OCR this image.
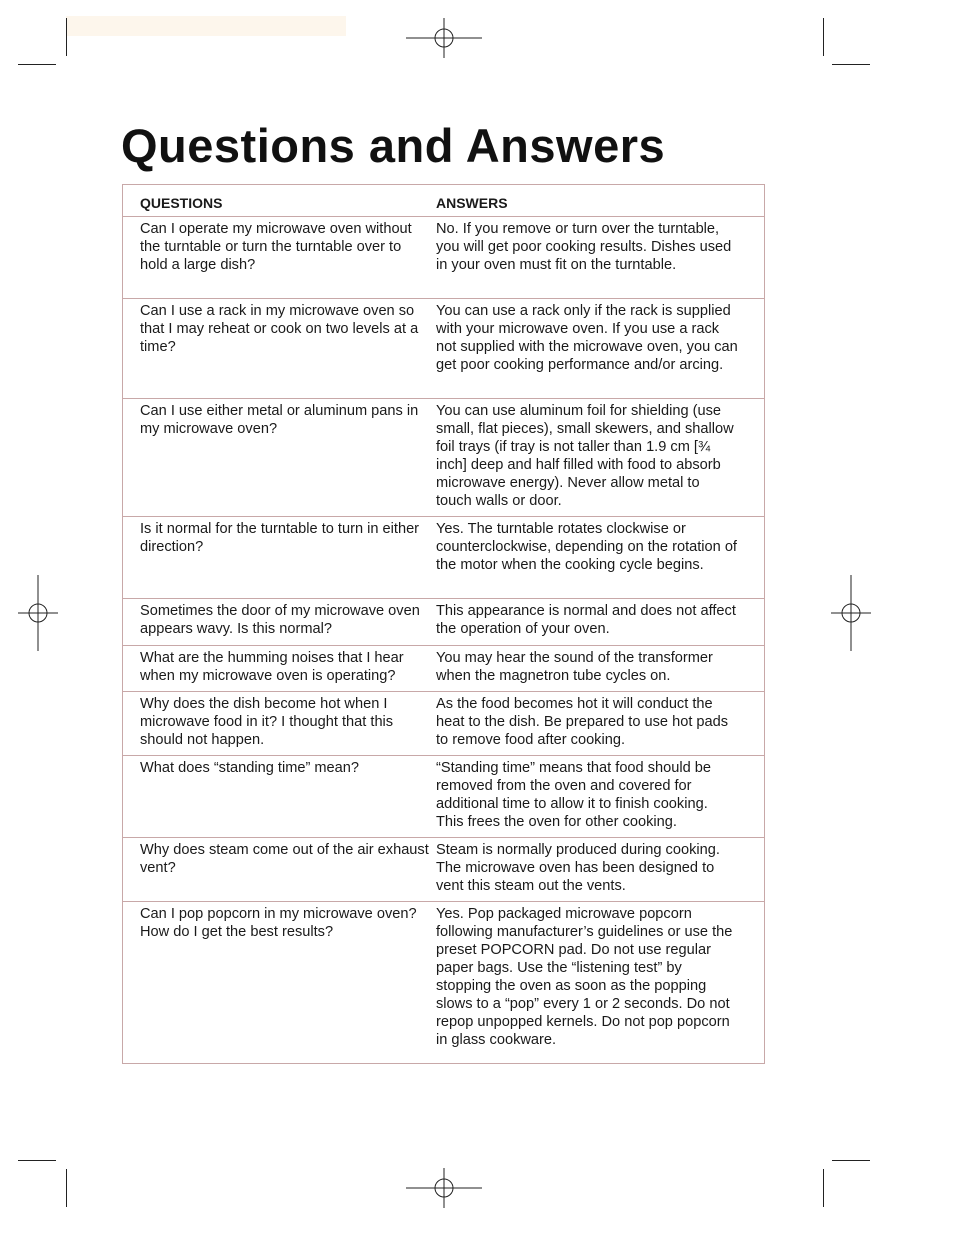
Questions and Answers
QUESTIONS	ANSWERS
Can I operate my microwave oven without the turntable or turn the turntable over to hold a large dish?
No. If you remove or turn over the turntable, you will get poor cooking results. Dishes used in your oven must fit on the turntable.
Can I use a rack in my microwave oven so that I may reheat or cook on two levels at a time?
You can use a rack only if the rack is supplied with your microwave oven. If you use a rack not supplied with the microwave oven, you can get poor cooking performance and/or arcing.
Can I use either metal or aluminum pans in my microwave oven?
You can use aluminum foil for shielding (use small, flat pieces), small skewers, and shallow foil trays (if tray is not taller than 1.9 cm [¾ inch] deep and half filled with food to absorb microwave energy). Never allow metal to touch walls or door.
Is it normal for the turntable to turn in either direction?
Yes. The turntable rotates clockwise or counterclockwise, depending on the rotation of the motor when the cooking cycle begins.
Sometimes the door of my microwave oven appears wavy. Is this normal?
This appearance is normal and does not affect the operation of your oven.
What are the humming noises that I hear when my microwave oven is operating?
You may hear the sound of the transformer when the magnetron tube cycles on.
Why does the dish become hot when I microwave food in it? I thought that this should not happen.
As the food becomes hot it will conduct the heat to the dish. Be prepared to use hot pads to remove food after cooking.
What does “standing time” mean?	“Standing time” means that food should be removed from the oven and covered for additional time to allow it to finish cooking. This frees the oven for other cooking.
Why does steam come out of the air exhaust vent?
Steam is normally produced during cooking. The microwave oven has been designed to vent this steam out the vents.
Can I pop popcorn in my microwave oven? How do I get the best results?
Yes. Pop packaged microwave popcorn following manufacturer’s guidelines or use the preset POPCORN pad. Do not use regular paper bags. Use the “listening test” by stopping the oven as soon as the popping slows to a “pop” every 1 or 2 seconds. Do not repop unpopped kernels. Do not pop popcorn in glass cookware.
